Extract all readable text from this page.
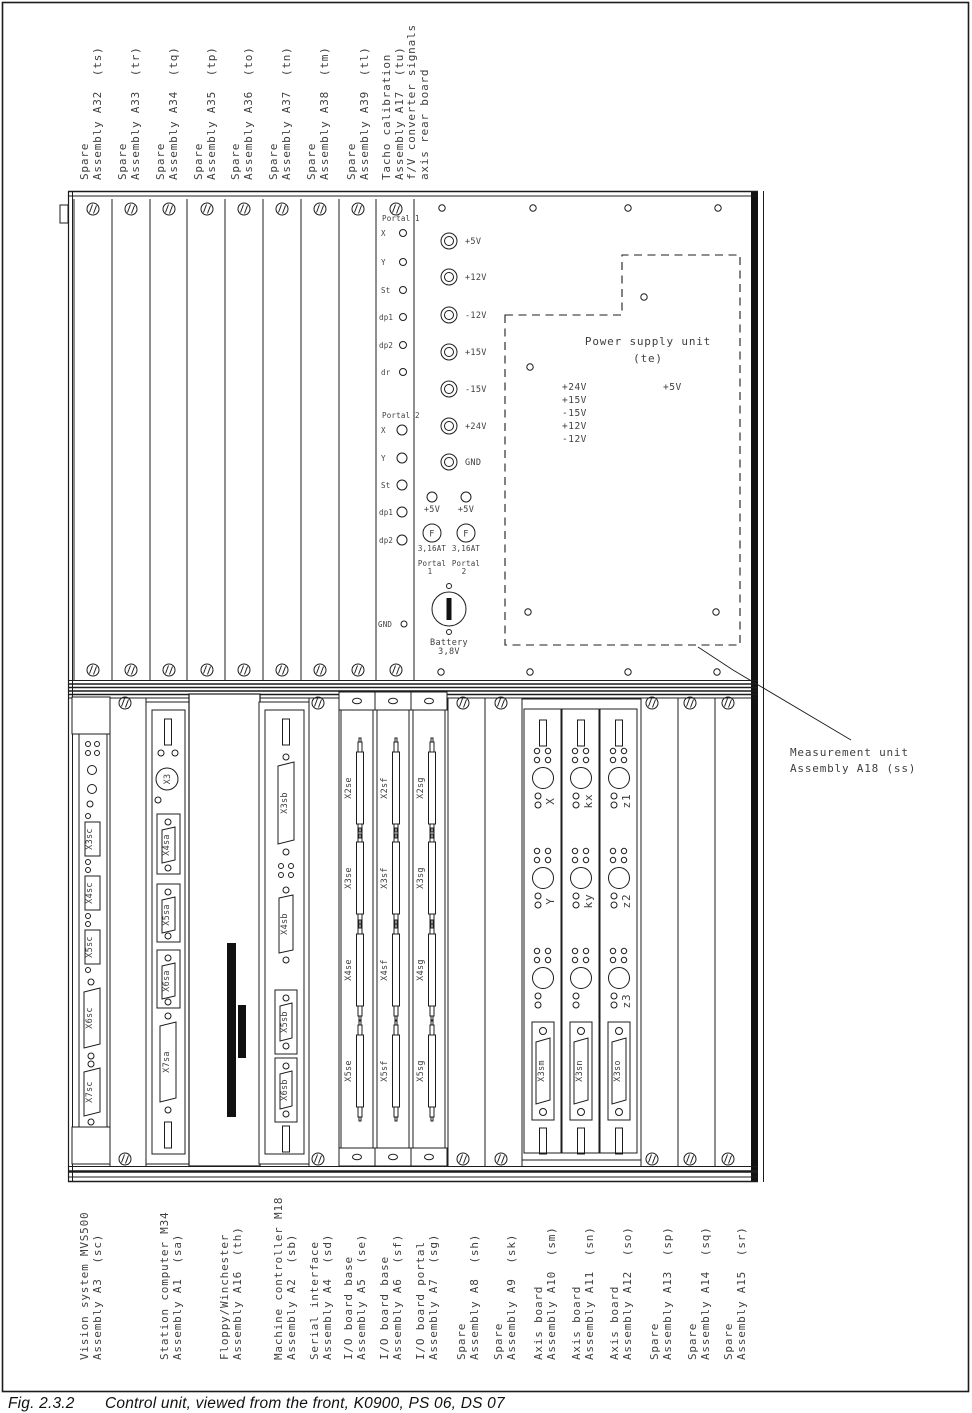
Portal 1
X
Y
St
dp1
dp2
dr
Portal 2
X
Y
St
dp1
dp2
GND
Power supply unit
(te)
+24V
+15V
-15V
+12V
-12V
+5V
+5V
+12V
-12V
+15V
-15V
+24V
GND
+5V +5V
F	F
3,16AT 3,16AT
Portal
1
Portal
2
Battery
3,8V
X3sc
X4sc
X5sc
X6sc
X7sc
X3
X4sa
X5sa
X6sa
X7sa
X3sb
X4sb
X5sb
X6sb
X2se
X3se
X4se
X5se
X2sf
X3sf
X4sf
X5sf
X2sg
X3sg
X4sg
X5sg
X
Y
X3sm
kx
ky
X3sn
z1
z2
z3
X3so
Measurement unit
Assembly A18 (ss)
Spare Assembly A32  (ts) Spare Assembly A33  (tr) Spare Assembly A34  (tq) Spare Assembly A35  (tp) Spare Assembly A36  (to) Spare Assembly A37  (tn) Spare Assembly A38  (tm) Spare Assembly A39  (tl) Tacho calibration Assembly A17  (tu) f/V converter signals axis rear board
Vision system MVS500 Assembly A3  (sc)	Station computer M34 Assembly A1  (sa)	Floppy/Winchester Assembly A16  (th)	Machine controller M18 Assembly A2  (sb) Serial interface Assembly A4  (sd) I/O board base Assembly A5  (se) I/O board base Assembly A6  (sf) I/O board portal Assembly A7  (sg) Spare Assembly A8  (sh) Spare Assembly A9  (sk) Axis board Assembly A10  (sm) Axis board Assembly A11  (sn) Axis board Assembly A12  (so) Spare Assembly A13  (sp) Spare Assembly A14  (sq) Spare Assembly A15  (sr)
Fig. 2.3.2 Control unit, viewed from the front, K0900, PS 06, DS 07
